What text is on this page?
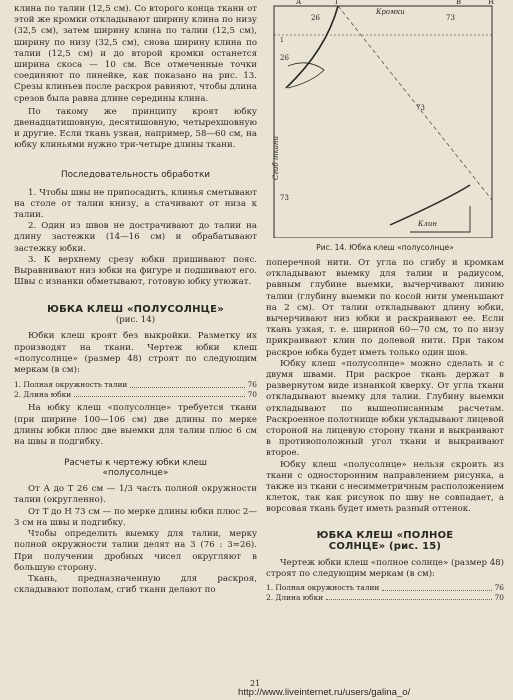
клина по талии (12,5 см). Со второго конца ткани от этой же кромки откладывают ширину клина по низу (32,5 см), затем ширину клина по талии (12,5 см), ширину по низу (32,5 см), снова ширину клина по талии (12,5 см) и до второй кромки останется ширина скоса — 10 см. Все отмеченные точки соединяют по линейке, как показано на рис. 13. Срезы клиньев после раскроя равняют, чтобы длина срезов была равна длине середины клина.

По такому же принципу кроят юбку двенадцатишовную, десятишовную, четырехшовную и другие. Если ткань узкая, например, 58—60 см, на юбку клиньями нужно три-четыре длины ткани.

Последовательность обработки

1. Чтобы швы не припосадить, клинья сметывают на столе от талии книзу, а стачивают от низа к талии.

2. Один из швов не дострачивают до талии на длину застежки (14—16 см) и обрабатывают застежку юбки.

3. К верхнему срезу юбки пришивают пояс. Выравнивают низ юбки на фигуре и подшивают его. Швы с изнанки обметывают, готовую юбку утюжат.

ЮБКА КЛЕШ «ПОЛУСОЛНЦЕ»

(рис. 14)

Юбки клеш кроят без выкройки. Разметку их производят на ткани. Чертеж юбки клеш «полусолнце» (размер 48) строят по следующим меркам (в см):

1. Полная окружность талии	76

2. Длина юбки	70

На юбку клеш «полусолнце» требуется ткани (при ширине 100—106 см) две длины по мерке длины юбки плюс две выемки для талии плюс 6 см на швы и подгибку.

Расчеты к чертежу юбки клеш

«полусолнце»

От А до Т 26 см — 1/3 часть полной окружности талии (округленно).

От Т до Н 73 см — по мерке длины юбки плюс 2—3 см на швы и подгибку.

Чтобы определить выемку для талии, мерку полной окружности талии делят на 3 (76 : 3≈26). При получении дробных чисел округляют в большую сторону.

Ткань, предназначенную для раскроя, складывают пополам, сгиб ткани делают по

А	Т	Н
В
Кромки
26	73
26
73
73
1
Клин
Сгиб ткани

Рис. 14. Юбка клеш «полусолнце»

поперечной нити. От угла по сгибу и кромкам откладывают выемку для талии и радиусом, равным глубине выемки, вычерчивают линию талии (глубину выемки по косой нити уменьшают на 2 см). От талии откладывают длину юбки, вычерчивают низ юбки и раскраивают ее. Если ткань узкая, т. е. шириной 60—70 см, то по низу прикраивают клин по долевой нити. При таком раскрое юбка будет иметь только один шов.

Юбку клеш «полусолнце» можно сделать и с двумя швами. При раскрое ткань держат в развернутом виде изнанкой кверху. От угла ткани откладывают выемку для талии. Глубину выемки откладывают по вышеописанным расчетам. Раскроенное полотнище юбки укладывают лицевой стороной на лицевую сторону ткани и выкраивают в противоположный угол ткани и выкраивают второе.

Юбку клеш «полусолнце» нельзя скроить из ткани с односторонним направлением рисунка, а также из ткани с несимметричным расположением клеток, так как рисунок по шву не совпадает, а ворсовая ткань будет иметь разный оттенок.

ЮБКА КЛЕШ «ПОЛНОЕ

СОЛНЦЕ» (рис. 15)

Чертеж юбки клеш «полное солнце» (размер 48) строят по следующим меркам (в см):

1. Полная окружность талии	76

2. Длина юбки	70

21
http://www.liveinternet.ru/users/galina_o/
